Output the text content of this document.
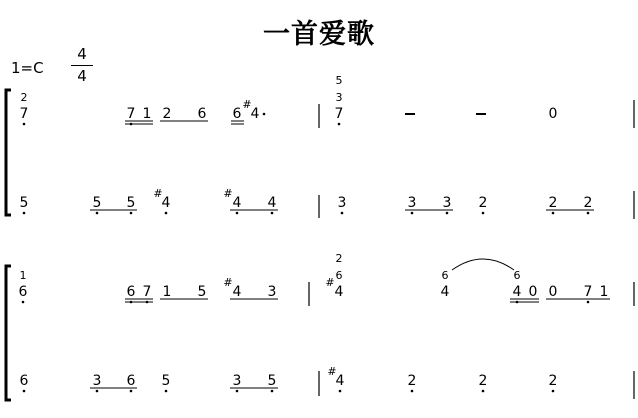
一首爱歌
1=C
4
4
2
7	7 1 2 6 6
#
4
5
3
7	0
5	5 5
#
4
#
4 4	3	3 3 2	2 2
1
6	6 7 1 5
#
4 3
2
6
#
4
6
4
6
4 0 0 7 1
6	3 6 5	3 5
#
4	2	2	2
